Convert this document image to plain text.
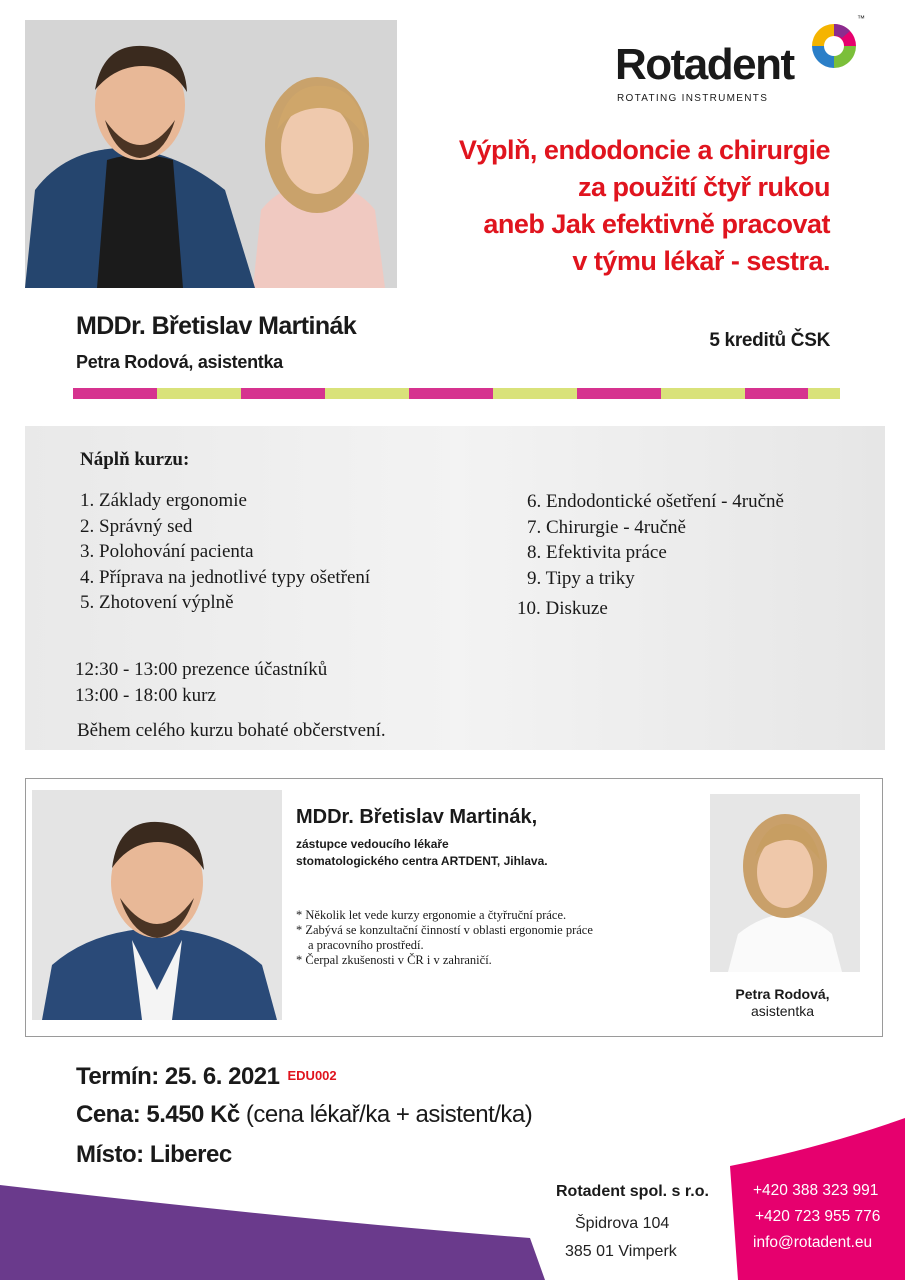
Rotadent
ROTATING INSTRUMENTS
™
Výplň, endodoncie a chirurgie
za použití čtyř rukou
aneb Jak efektivně pracovat
v týmu lékař - sestra.
5 kreditů ČSK
MDDr. Břetislav Martinák
Petra Rodová, asistentka
Náplň kurzu:
1. Základy ergonomie
2. Správný sed
3. Polohování pacienta
4. Příprava na jednotlivé typy ošetření
5. Zhotovení výplně
6. Endodontické ošetření - 4ručně
7. Chirurgie - 4ručně
8. Efektivita práce
9. Tipy a triky
10. Diskuze
12:30 - 13:00 prezence účastníků
13:00 - 18:00 kurz
Během celého kurzu bohaté občerstvení.
MDDr. Břetislav Martinák,
zástupce vedoucího lékaře
stomatologického centra ARTDENT, Jihlava.
* Několik let vede kurzy ergonomie a čtyřruční práce.
* Zabývá se konzultační činností v oblasti ergonomie práce
a pracovního prostředí.
* Čerpal zkušenosti v ČR i v zahraničí.
Petra Rodová,
asistentka
Termín: 25. 6. 2021 EDU002
Cena: 5.450 Kč (cena lékař/ka + asistent/ka)
Místo: Liberec
Rotadent spol. s r.o.
Špidrova 104
385 01 Vimperk
+420 388 323 991
+420 723 955 776
info@rotadent.eu
